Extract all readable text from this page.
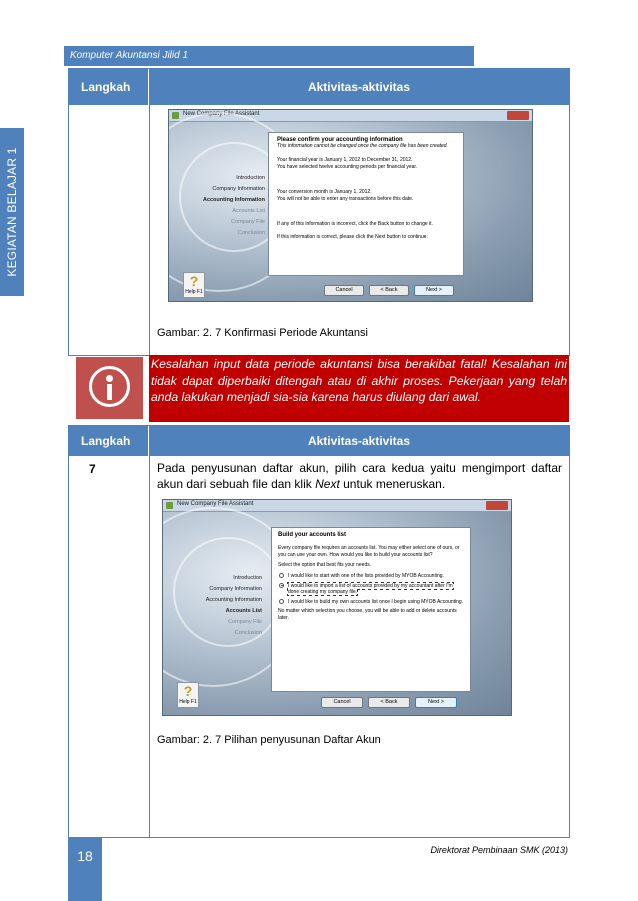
KEGIATAN BELAJAR 1
Komputer Akuntansi Jilid 1
Langkah	Aktivitas-aktivitas
New Company File Assistant
Introduction
Company Information
Accounting Information
Accounts List
Company File
Conclusion
Please confirm your accounting information
This information cannot be changed once the company file has been created.
Your financial year is January 1, 2012 to December 31, 2012.
You have selected twelve accounting periods per financial year.
Your conversion month is January 1, 2012.
You will not be able to enter any transactions before this date.
If any of this information is incorrect, click the Back button to change it.
If this information is correct, please click the Next button to continue.
?
Help F1	Cancel	< Back	Next >
Gambar: 2. 7 Konfirmasi Periode Akuntansi
Kesalahan input data periode akuntansi bisa berakibat fatal! Kesalahan ini tidak dapat diperbaiki ditengah atau di akhir proses. Pekerjaan yang telah anda lakukan menjadi sia-sia karena harus diulang dari awal.
Langkah	Aktivitas-aktivitas
7	Pada penyusunan daftar akun, pilih cara kedua yaitu mengimport daftar akun dari sebuah file dan klik Next untuk meneruskan.
New Company File Assistant
Introduction
Company Information
Accounting Information
Accounts List
Company File
Conclusion
Build your accounts list
Every company file requires an accounts list. You may either select one of ours, or you can use your own. How would you like to build your accounts list?
Select the option that best fits your needs.
I would like to start with one of the lists provided by MYOB Accounting.
I would like to import a list of accounts provided by my accountant after I'm done creating my company file.
I would like to build my own accounts list once I begin using MYOB Accounting.
No matter which selection you choose, you will be able to add or delete accounts later.
?
Help F1	Cancel	< Back	Next >
Gambar: 2. 7 Pilihan penyusunan Daftar Akun
18	Direktorat Pembinaan SMK (2013)
